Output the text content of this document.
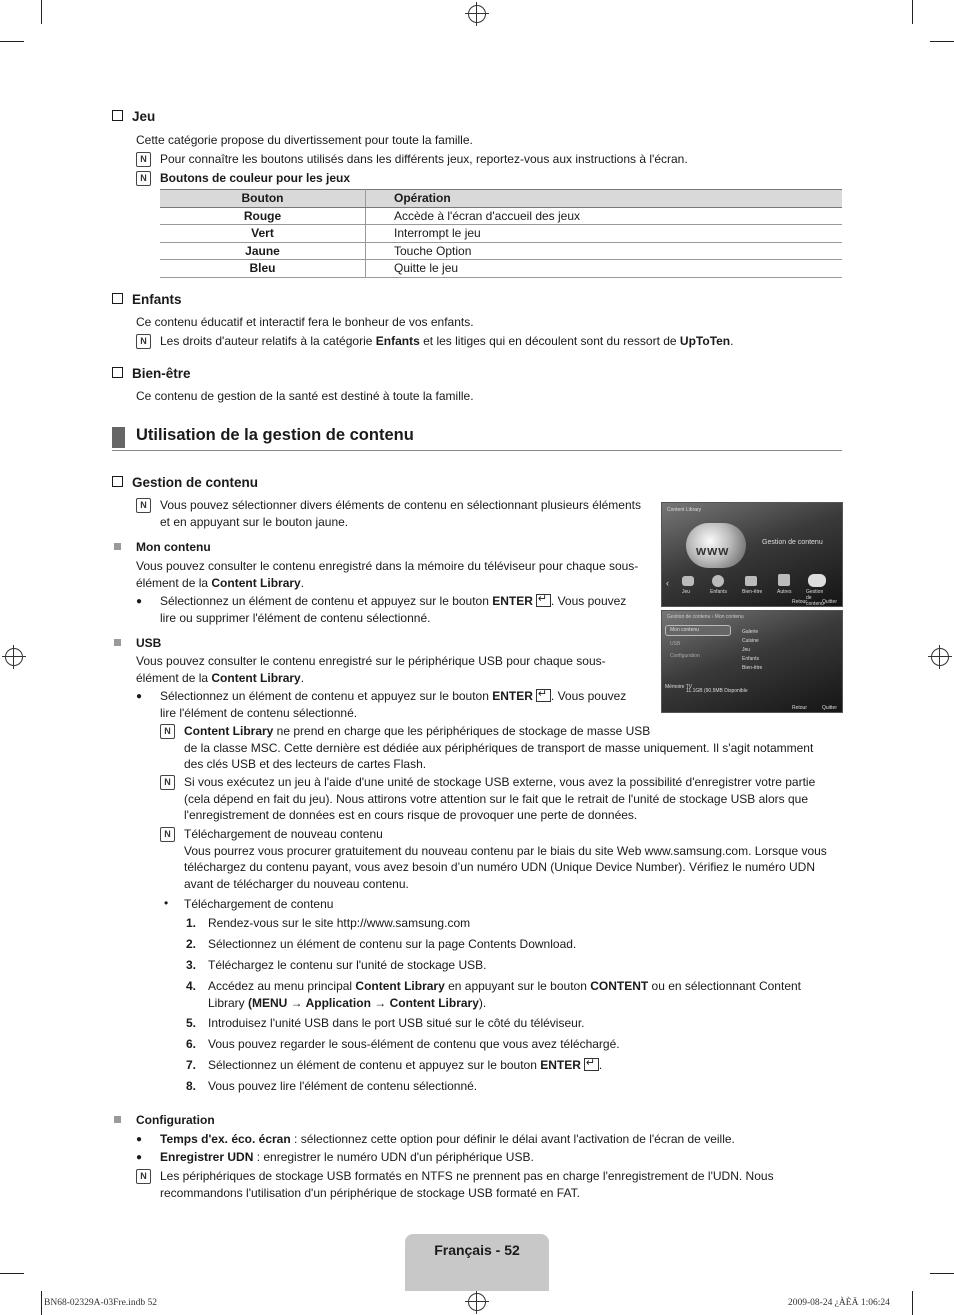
Jeu
Cette catégorie propose du divertissement pour toute la famille.
N	Pour connaître les boutons utilisés dans les différents jeux, reportez-vous aux instructions à l'écran.
N	Boutons de couleur pour les jeux
Bouton	Opération
Rouge	Accède à l'écran d'accueil des jeux
Vert	Interrompt le jeu
Jaune	Touche Option
Bleu	Quitte le jeu
Enfants
Ce contenu éducatif et interactif fera le bonheur de vos enfants.
N	Les droits d'auteur relatifs à la catégorie Enfants et les litiges qui en découlent sont du ressort de UpToTen.
Bien-être
Ce contenu de gestion de la santé est destiné à toute la famille.
Utilisation de la gestion de contenu
Gestion de contenu
N	Vous pouvez sélectionner divers éléments de contenu en sélectionnant plusieurs éléments
et en appuyant sur le bouton jaune.
Mon contenu
Vous pouvez consulter le contenu enregistré dans la mémoire du téléviseur pour chaque sous-
élément de la Content Library.
● Sélectionnez un élément de contenu et appuyez sur le bouton ENTER ↵ . Vous pouvez
lire ou supprimer l'élément de contenu sélectionné.
USB
Vous pouvez consulter le contenu enregistré sur le périphérique USB pour chaque sous-
élément de la Content Library.
● Sélectionnez un élément de contenu et appuyez sur le bouton ENTER ↵ . Vous pouvez
lire l'élément de contenu sélectionné.
N	Content Library ne prend en charge que les périphériques de stockage de masse USB
de la classe MSC. Cette dernière est dédiée aux périphériques de transport de masse uniquement. Il s'agit notamment
des clés USB et des lecteurs de cartes Flash.
N	Si vous exécutez un jeu à l'aide d'une unité de stockage USB externe, vous avez la possibilité d'enregistrer votre partie
(cela dépend en fait du jeu). Nous attirons votre attention sur le fait que le retrait de l'unité de stockage USB alors que
l'enregistrement de données est en cours risque de provoquer une perte de données.
N	Téléchargement de nouveau contenu
Vous pourrez vous procurer gratuitement du nouveau contenu par le biais du site Web www.samsung.com. Lorsque vous
téléchargez du contenu payant, vous avez besoin d’un numéro UDN (Unique Device Number). Vérifiez le numéro UDN
avant de télécharger du nouveau contenu.
• Téléchargement de contenu
1. Rendez-vous sur le site http://www.samsung.com
2. Sélectionnez un élément de contenu sur la page Contents Download.
3. Téléchargez le contenu sur l'unité de stockage USB.
4. Accédez au menu principal Content Library en appuyant sur le bouton CONTENT ou en sélectionnant Content
Library (MENU → Application → Content Library).
5. Introduisez l'unité USB dans le port USB situé sur le côté du téléviseur.
6. Vous pouvez regarder le sous-élément de contenu que vous avez téléchargé.
7. Sélectionnez un élément de contenu et appuyez sur le bouton ENTER ↵ .
8. Vous pouvez lire l'élément de contenu sélectionné.
Configuration
● Temps d'ex. éco. écran : sélectionnez cette option pour définir le délai avant l'activation de l'écran de veille.
● Enregistrer UDN : enregistrer le numéro UDN d'un périphérique USB.
N	Les périphériques de stockage USB formatés en NTFS ne prennent pas en charge l'enregistrement de l'UDN. Nous
recommandons l'utilisation d'un périphérique de stockage USB formaté en FAT.
Content Library
www
Gestion de contenu
‹
Jeu	Enfants	Bien-être	Autres	Gestion de contenu
Retour	Quitter
Gestion de contenu › Mon contenu
Mon contenu
USB
Configuration
Galerie
Cuisine
Jeu
Enfants
Bien-être
Mémoire TV
11.1GB (90.5MB Disponible
Retour	Quitter
Français - 52
BN68-02329A-03Fre.indb 52	2009-08-24 ¿ÀÈÄ 1:06:24
